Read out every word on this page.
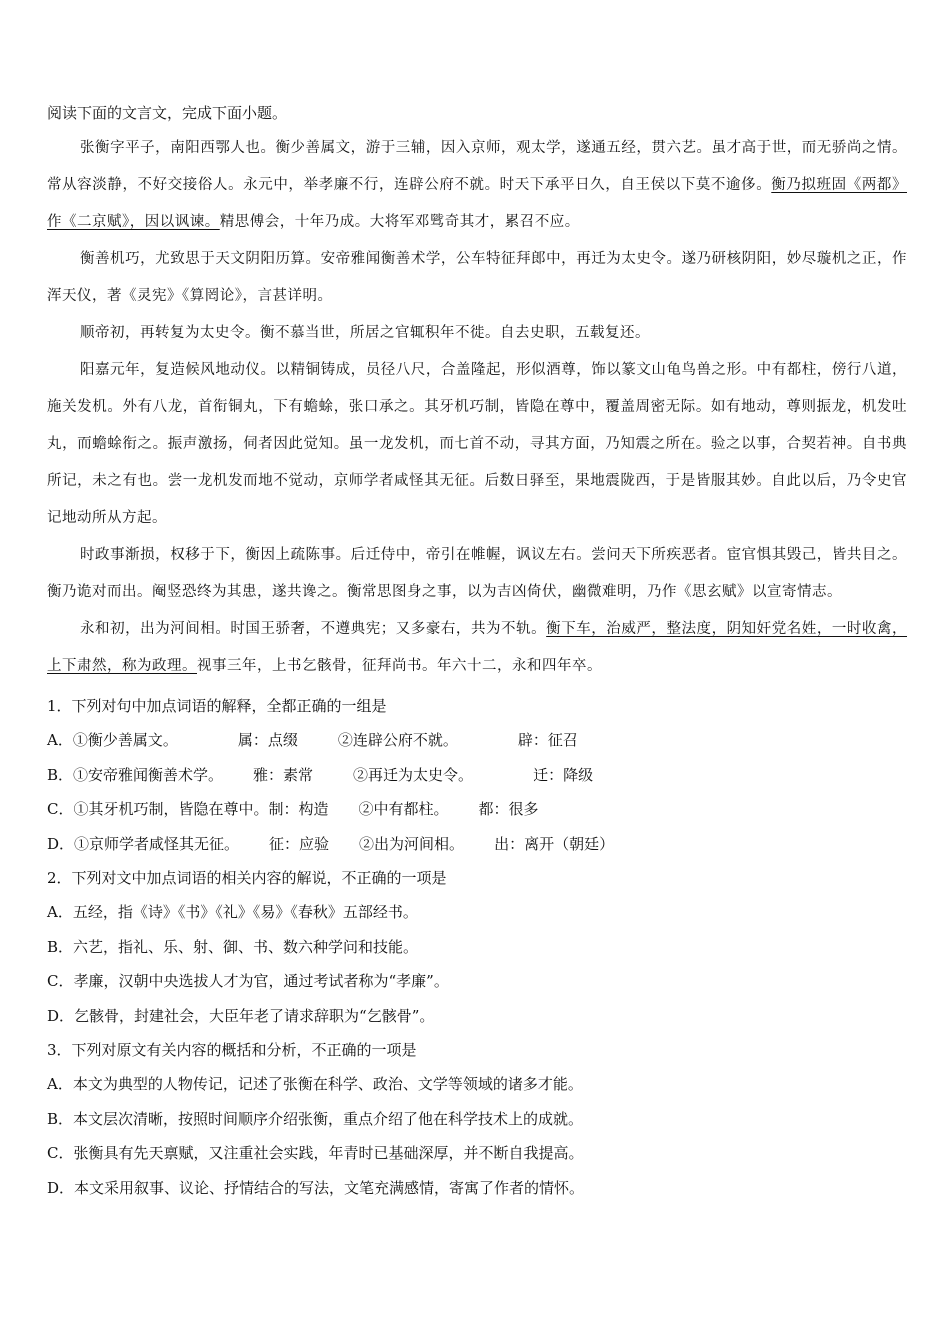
阅读下面的文言文，完成下面小题。

张衡字平子，南阳西鄂人也。衡少善属文，游于三辅，因入京师，观太学，遂通五经，贯六艺。虽才高于世，而无骄尚之情。常从容淡静，不好交接俗人。永元中，举孝廉不行，连辟公府不就。时天下承平日久，自王侯以下莫不逾侈。衡乃拟班固《两都》作《二京赋》，因以讽谏。精思傅会，十年乃成。大将军邓骘奇其才，累召不应。

衡善机巧，尤致思于天文阴阳历算。安帝雅闻衡善术学，公车特征拜郎中，再迁为太史令。遂乃研核阴阳，妙尽璇机之正，作浑天仪，著《灵宪》《算罔论》，言甚详明。

顺帝初，再转复为太史令。衡不慕当世，所居之官辄积年不徙。自去史职，五载复还。

阳嘉元年，复造候风地动仪。以精铜铸成，员径八尺，合盖隆起，形似酒尊，饰以篆文山龟鸟兽之形。中有都柱，傍行八道，施关发机。外有八龙，首衔铜丸，下有蟾蜍，张口承之。其牙机巧制，皆隐在尊中，覆盖周密无际。如有地动，尊则振龙，机发吐丸，而蟾蜍衔之。振声激扬，伺者因此觉知。虽一龙发机，而七首不动，寻其方面，乃知震之所在。验之以事，合契若神。自书典所记，未之有也。尝一龙机发而地不觉动，京师学者咸怪其无征。后数日驿至，果地震陇西，于是皆服其妙。自此以后，乃令史官记地动所从方起。

时政事渐损，权移于下，衡因上疏陈事。后迁侍中，帝引在帷幄，讽议左右。尝问天下所疾恶者。宦官惧其毁己，皆共目之。衡乃诡对而出。阉竖恐终为其患，遂共谗之。衡常思图身之事，以为吉凶倚伏，幽微难明，乃作《思玄赋》以宣寄情志。

永和初，出为河间相。时国王骄奢，不遵典宪；又多豪右，共为不轨。衡下车，治威严，整法度，阴知奸党名姓，一时收禽，上下肃然，称为政理。视事三年，上书乞骸骨，征拜尚书。年六十二，永和四年卒。

1．下列对句中加点词语的解释，全都正确的一组是

A．①衡少善属文。	属：点缀	②连辟公府不就。	辟：征召

B．①安帝雅闻衡善术学。 雅：素常	②再迁为太史令。	迁：降级

C．①其牙机巧制，皆隐在尊中。制：构造 ②中有都柱。 都：很多

D．①京师学者咸怪其无征。 征：应验 ②出为河间相。 出：离开（朝廷）

2．下列对文中加点词语的相关内容的解说，不正确的一项是

A．五经，指《诗》《书》《礼》《易》《春秋》五部经书。

B．六艺，指礼、乐、射、御、书、数六种学问和技能。

C．孝廉，汉朝中央选拔人才为官，通过考试者称为“孝廉”。

D．乞骸骨，封建社会，大臣年老了请求辞职为“乞骸骨”。

3．下列对原文有关内容的概括和分析，不正确的一项是

A．本文为典型的人物传记，记述了张衡在科学、政治、文学等领域的诸多才能。

B．本文层次清晰，按照时间顺序介绍张衡，重点介绍了他在科学技术上的成就。

C．张衡具有先天禀赋，又注重社会实践，年青时已基础深厚，并不断自我提高。

D．本文采用叙事、议论、抒情结合的写法，文笔充满感情，寄寓了作者的情怀。
